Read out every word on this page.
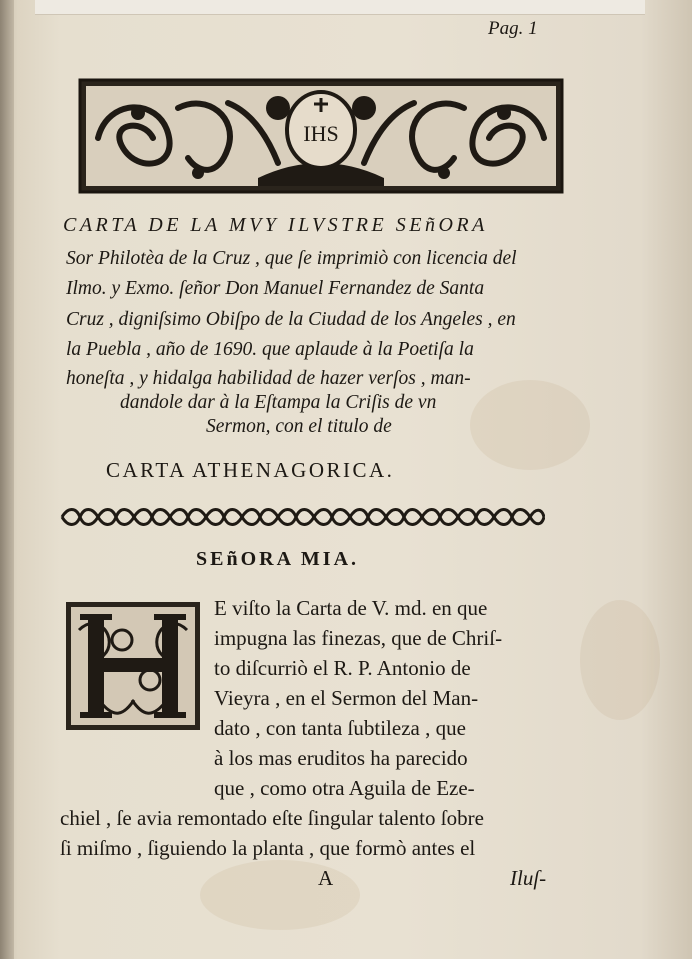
Pag. 1
IHS
CARTA DE LA MVY ILVSTRE SEñORA
Sor Philotèa de la Cruz , que ſe imprimiò con licencia del
Ilmo. y Exmo. ſeñor Don Manuel Fernandez de Santa
Cruz , digniſsimo Obiſpo de la Ciudad de los Angeles , en
la Puebla , año de 1690. que aplaude à la Poetiſa la
honeſta , y hidalga habilidad de hazer verſos , man-
dandole dar à la Eſtampa la Criſis de vn
Sermon, con el titulo de
CARTA ATHENAGORICA.
SEñORA MIA.
H	E viſto la Carta de V. md. en que
impugna las finezas, que de Chriſ-
to diſcurriò el R. P. Antonio de
Vieyra , en el Sermon del Man-
dato , con tanta ſubtileza , que
à los mas eruditos ha parecido
que , como otra Aguila de Eze-
chiel , ſe avia remontado eſte ſingular talento ſobre
ſi miſmo , ſiguiendo la planta , que formò antes el
A	Iluſ-
